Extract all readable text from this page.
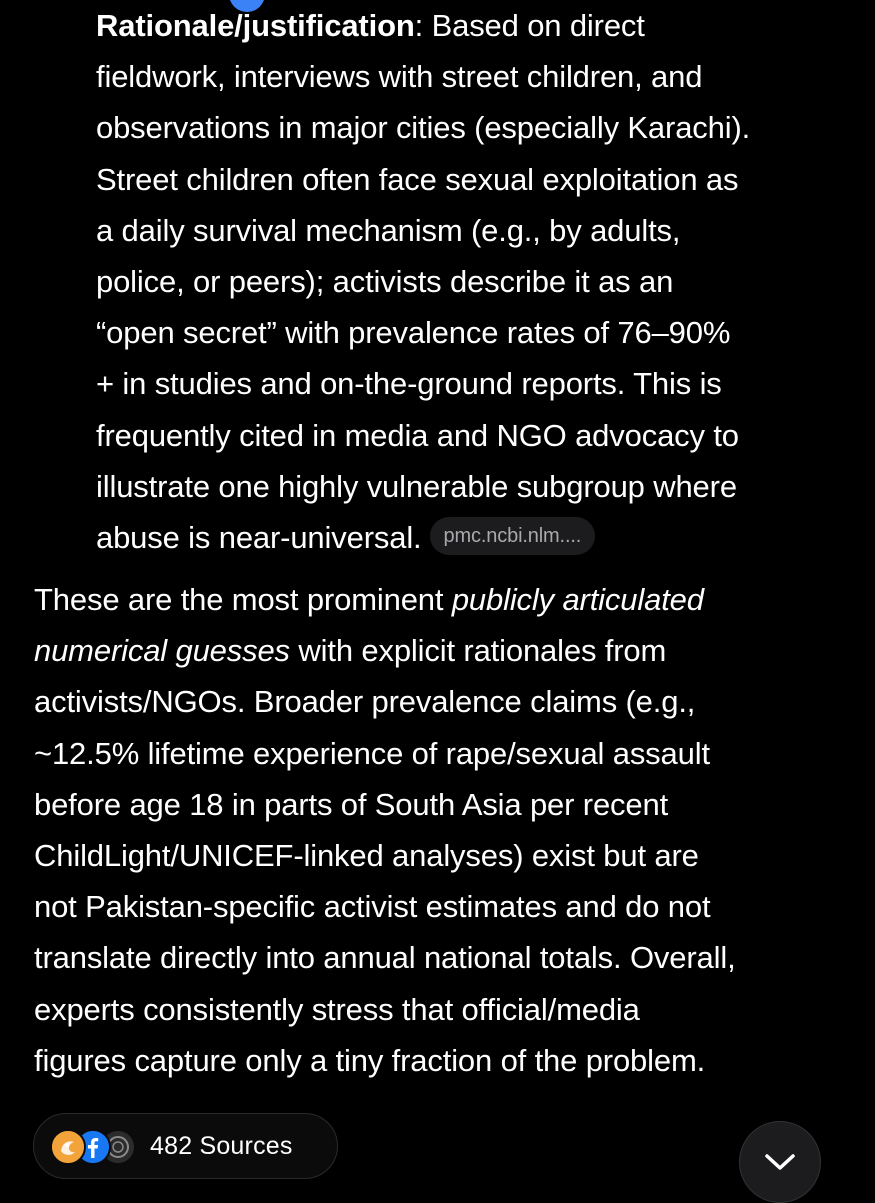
Rationale/justification: Based on direct
fieldwork, interviews with street children, and
observations in major cities (especially Karachi).
Street children often face sexual exploitation as
a daily survival mechanism (e.g., by adults,
police, or peers); activists describe it as an
“open secret” with prevalence rates of 76–90%
+ in studies and on-the-ground reports. This is
frequently cited in media and NGO advocacy to
illustrate one highly vulnerable subgroup where
abuse is near-universal. pmc.ncbi.nlm....
These are the most prominent publicly articulated
numerical guesses with explicit rationales from
activists/NGOs. Broader prevalence claims (e.g.,
~12.5% lifetime experience of rape/sexual assault
before age 18 in parts of South Asia per recent
ChildLight/UNICEF-linked analyses) exist but are
not Pakistan-specific activist estimates and do not
translate directly into annual national totals. Overall,
experts consistently stress that official/media
figures capture only a tiny fraction of the problem.
482 Sources
